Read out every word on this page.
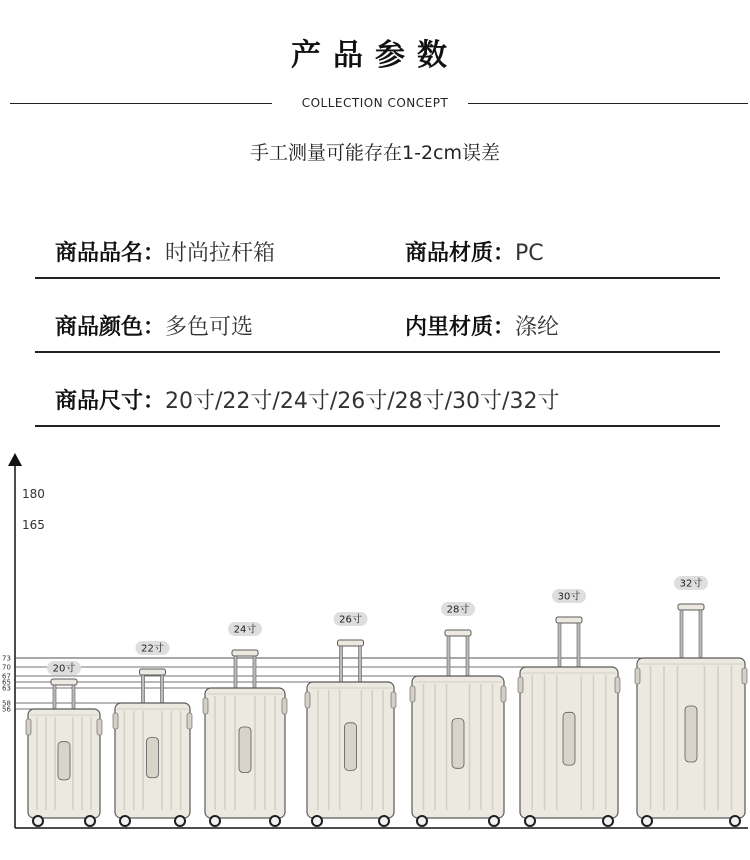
产品参数
COLLECTION CONCEPT
手工测量可能存在1-2cm误差
商品品名：时尚拉杆箱	商品材质：PC
商品颜色：多色可选	内里材质：涤纶
商品尺寸：20寸/22寸/24寸/26寸/28寸/30寸/32寸
180
165
73
70
67
65
63
58
56
20寸
22寸
24寸
26寸
28寸
30寸
32寸
